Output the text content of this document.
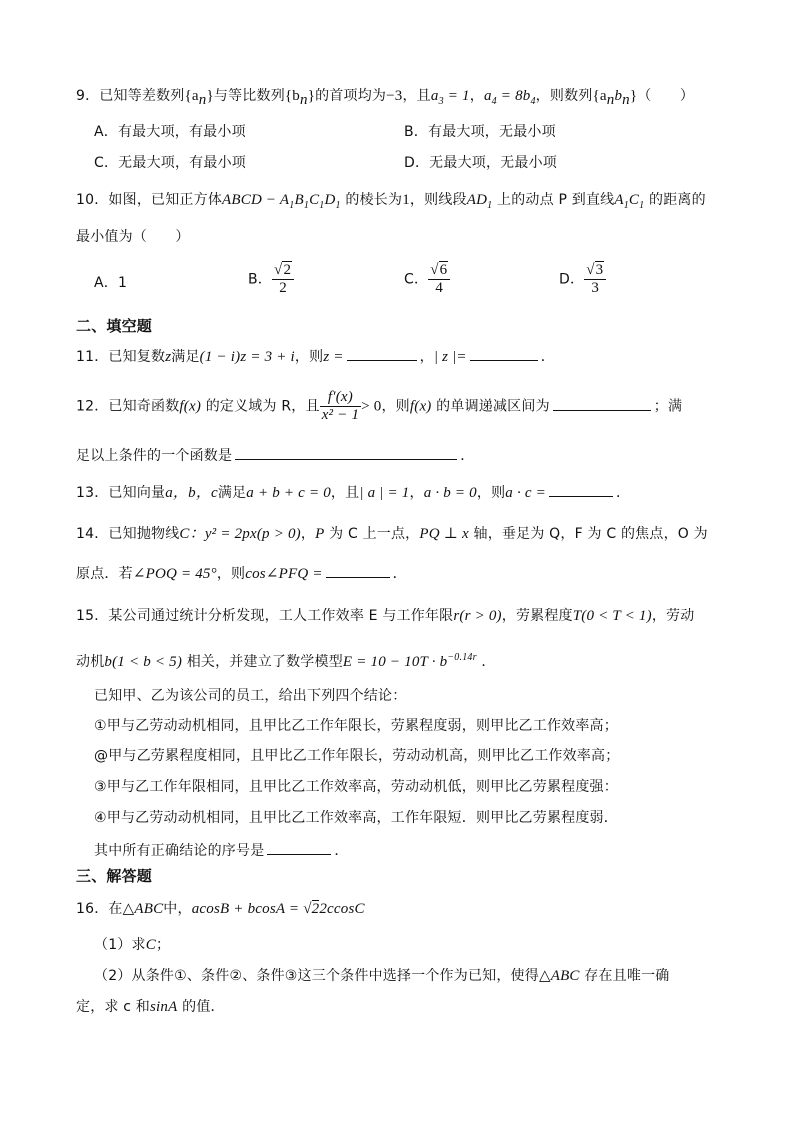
9．已知等差数列$\{a_n\}$与等比数列$\{b_n\}$的首项均为−3，且$a_3 = 1$，$a_4 = 8b_4$，则数列$\{a_nb_n\}$（　　）
A．有最大项，有最小项	B．有最大项，无最小项
C．无最大项，有最小项	D．无最大项，无最小项
10．如图，已知正方体ABCD − $A_1B_1C_1D_1$ 的棱长为1，则线段$AD_1$ 上的动点 P 到直线$A_1C_1$ 的距离的
最小值为（　　）
A．1	B． $\frac{√2}{2}$	C． $\frac{√6}{4}$	D． $\frac{√3}{3}$
二、填空题
11．已知复数z满足(1 − i)z = 3 + i，则z =	，| z |=	．
12．已知奇函数f(x) 的定义域为 R，且 $\frac{f'(x)}{\text{x² − 1}} > 0$，则f(x) 的单调递减区间为	；满
足以上条件的一个函数是	．
13．已知向量a，b，c满足a + b + c = 0，且| a | = 1，a · b = 0，则a · c =	．
14．已知抛物线C：y² = 2px(p > 0)，P 为 C 上一点，PQ ⊥ x 轴，垂足为 Q，F 为 C 的焦点，O 为
原点．若∠POQ = 45°，则cos∠PFQ =	．
15．某公司通过统计分析发现，工人工作效率 E 与工作年限r(r > 0)，劳累程度T(0 < T < 1)，劳动
动机b(1 < b < 5) 相关，并建立了数学模型$E = 10 - 10T \cdot b^{-0.14r}$ ．
已知甲、乙为该公司的员工，给出下列四个结论：
①甲与乙劳动动机相同，且甲比乙工作年限长，劳累程度弱，则甲比乙工作效率高；
@甲与乙劳累程度相同，且甲比乙工作年限长，劳动动机高，则甲比乙工作效率高；
③甲与乙工作年限相同，且甲比乙工作效率高，劳动动机低，则甲比乙劳累程度强：
④甲与乙劳动动机相同，且甲比乙工作效率高，工作年限短．则甲比乙劳累程度弱．
其中所有正确结论的序号是	．
三、解答题
16．在△ABC中，acosB + bcosA = √22ccosC
（1）求C；
（2）从条件①、条件②、条件③这三个条件中选择一个作为已知，使得△ABC 存在且唯一确
定，求 c 和sinA 的值．
